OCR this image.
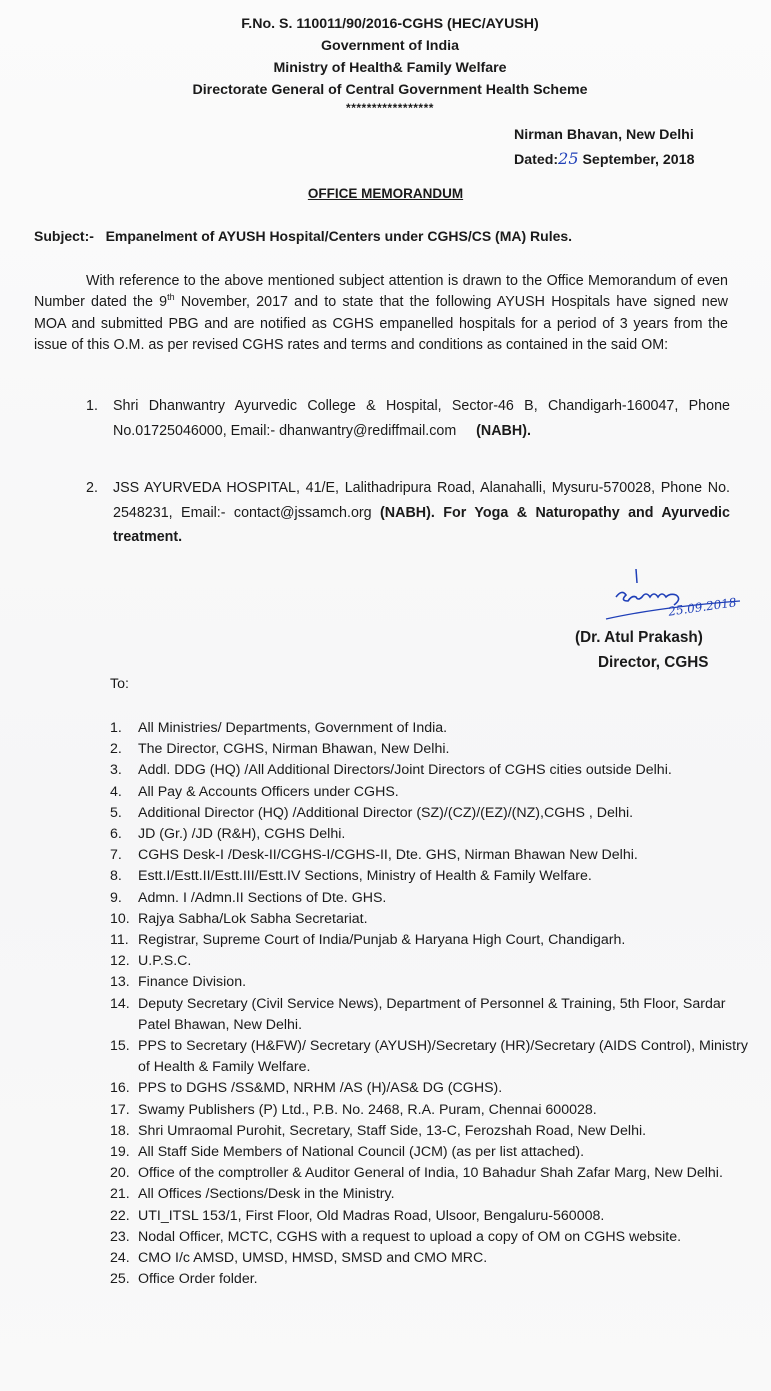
F.No. S. 110011/90/2016-CGHS (HEC/AYUSH)
Government of India
Ministry of Health& Family Welfare
Directorate General of Central Government Health Scheme
*****************
Nirman Bhavan, New Delhi
Dated:25 September, 2018
OFFICE MEMORANDUM
Subject:- Empanelment of AYUSH Hospital/Centers under CGHS/CS (MA) Rules.
With reference to the above mentioned subject attention is drawn to the Office Memorandum of even Number dated the 9th November, 2017 and to state that the following AYUSH Hospitals have signed new MOA and submitted PBG and are notified as CGHS empanelled hospitals for a period of 3 years from the issue of this O.M. as per revised CGHS rates and terms and conditions as contained in the said OM:
1. Shri Dhanwantry Ayurvedic College & Hospital, Sector-46 B, Chandigarh-160047, Phone No.01725046000, Email:- dhanwantry@rediffmail.com (NABH).
2. JSS AYURVEDA HOSPITAL, 41/E, Lalithadripura Road, Alanahalli, Mysuru-570028, Phone No. 2548231, Email:- contact@jssamch.org (NABH). For Yoga & Naturopathy and Ayurvedic treatment.
25.09.2018
(Dr. Atul Prakash)
Director, CGHS
To:
1. All Ministries/ Departments, Government of India.
2. The Director, CGHS, Nirman Bhawan, New Delhi.
3. Addl. DDG (HQ) /All Additional Directors/Joint Directors of CGHS cities outside Delhi.
4. All Pay & Accounts Officers under CGHS.
5. Additional Director (HQ) /Additional Director (SZ)/(CZ)/(EZ)/(NZ),CGHS , Delhi.
6. JD (Gr.) /JD (R&H), CGHS Delhi.
7. CGHS Desk-I /Desk-II/CGHS-I/CGHS-II, Dte. GHS, Nirman Bhawan New Delhi.
8. Estt.I/Estt.II/Estt.III/Estt.IV Sections, Ministry of Health & Family Welfare.
9. Admn. I /Admn.II Sections of Dte. GHS.
10. Rajya Sabha/Lok Sabha Secretariat.
11. Registrar, Supreme Court of India/Punjab & Haryana High Court, Chandigarh.
12. U.P.S.C.
13. Finance Division.
14. Deputy Secretary (Civil Service News), Department of Personnel & Training, 5th Floor, Sardar Patel Bhawan, New Delhi.
15. PPS to Secretary (H&FW)/ Secretary (AYUSH)/Secretary (HR)/Secretary (AIDS Control), Ministry of Health & Family Welfare.
16. PPS to DGHS /SS&MD, NRHM /AS (H)/AS& DG (CGHS).
17. Swamy Publishers (P) Ltd., P.B. No. 2468, R.A. Puram, Chennai 600028.
18. Shri Umraomal Purohit, Secretary, Staff Side, 13-C, Ferozshah Road, New Delhi.
19. All Staff Side Members of National Council (JCM) (as per list attached).
20. Office of the comptroller & Auditor General of India, 10 Bahadur Shah Zafar Marg, New Delhi.
21. All Offices /Sections/Desk in the Ministry.
22. UTI_ITSL 153/1, First Floor, Old Madras Road, Ulsoor, Bengaluru-560008.
23. Nodal Officer, MCTC, CGHS with a request to upload a copy of OM on CGHS website.
24. CMO I/c AMSD, UMSD, HMSD, SMSD and CMO MRC.
25. Office Order folder.
